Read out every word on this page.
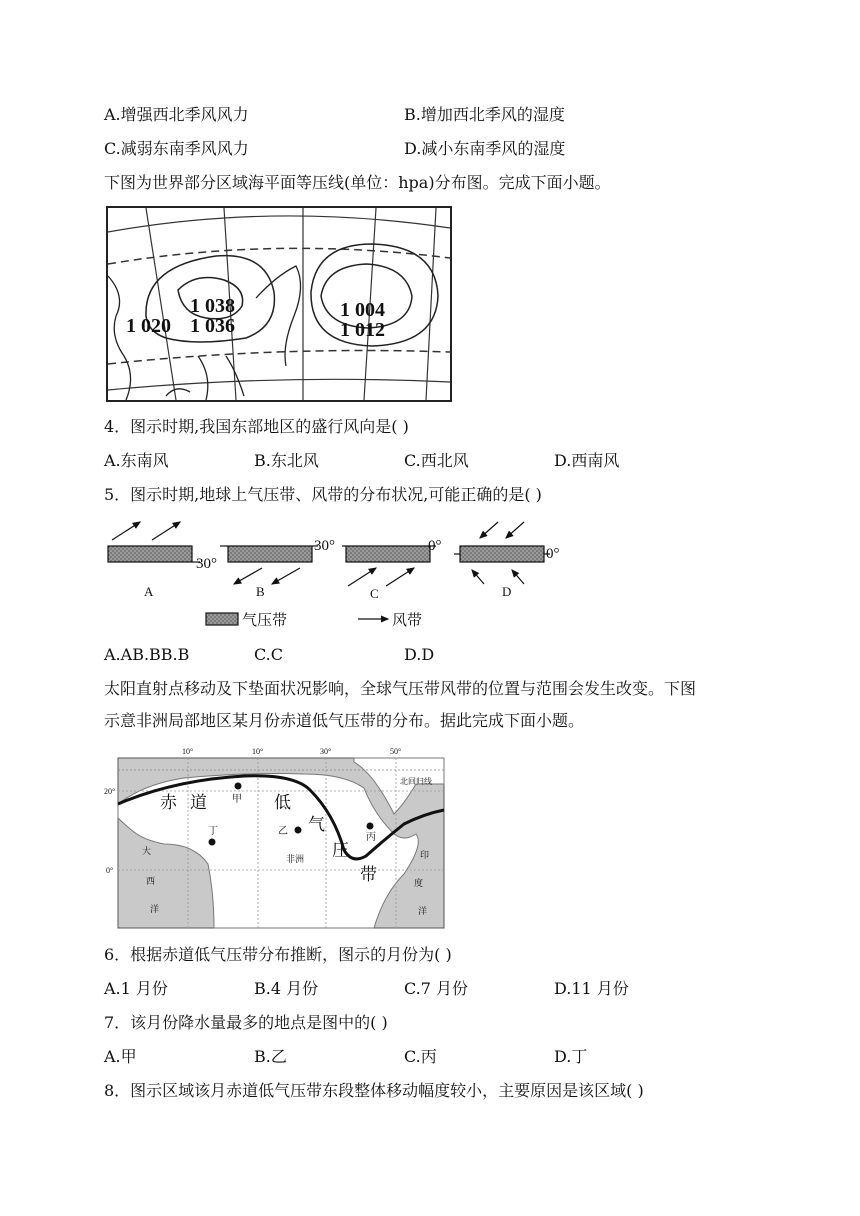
A.增强西北季风风力	B.增加西北季风的湿度
C.减弱东南季风风力	D.减小东南季风的湿度
下图为世界部分区域海平面等压线(单位：hpa)分布图。完成下面小题。
1 038
1 020 1 036
1 004
1 012
4．图示时期,我国东部地区的盛行风向是( )
A.东南风	B.东北风	C.西北风	D.西南风
5．图示时期,地球上气压带、风带的分布状况,可能正确的是( )
30°
30°	0°	0°
A	B	C	D
气压带	风带
A.AB.BB.B	C.C	D.D
太阳直射点移动及下垫面状况影响，全球气压带风带的位置与范围会发生改变。下图
示意非洲局部地区某月份赤道低气压带的分布。据此完成下面小题。
10°	10°	30°	50°
20°
0°
北回归线
赤 道	低
气
压
带
甲
乙
丙
丁
非洲
大
西
洋
印
度
洋
6．根据赤道低气压带分布推断，图示的月份为( )
A.1 月份	B.4 月份	C.7 月份	D.11 月份
7．该月份降水量最多的地点是图中的( )
A.甲	B.乙	C.丙	D.丁
8．图示区域该月赤道低气压带东段整体移动幅度较小，主要原因是该区域( )
